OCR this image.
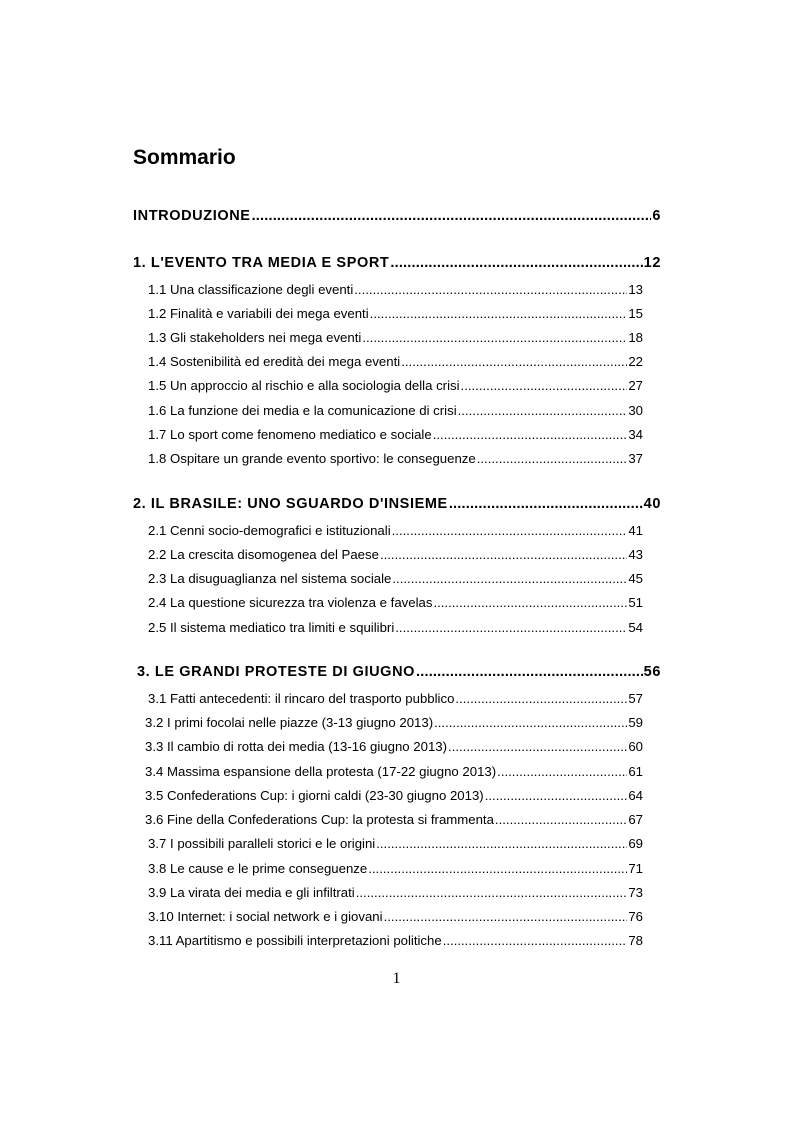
Sommario
INTRODUZIONE .....	6
1. L'EVENTO TRA MEDIA E SPORT .....	12
1.1 Una classificazione degli eventi .....	13
1.2 Finalità e variabili dei mega eventi .....	15
1.3 Gli stakeholders nei mega eventi .....	18
1.4 Sostenibilità ed eredità dei mega eventi .....	22
1.5 Un approccio al rischio e alla sociologia della crisi .....	27
1.6 La funzione dei media e la comunicazione di crisi .....	30
1.7 Lo sport come fenomeno mediatico e sociale .....	34
1.8 Ospitare un grande evento sportivo: le conseguenze .....	37
2. IL BRASILE: UNO SGUARDO D'INSIEME .....	40
2.1 Cenni socio-demografici e istituzionali .....	41
2.2 La crescita disomogenea del Paese .....	43
2.3 La disuguaglianza nel sistema sociale .....	45
2.4 La questione sicurezza tra violenza e favelas .....	51
2.5 Il sistema mediatico tra limiti e squilibri .....	54
3. LE GRANDI PROTESTE DI GIUGNO .....	56
3.1 Fatti antecedenti: il rincaro del trasporto pubblico .....	57
3.2 I primi focolai nelle piazze (3-13 giugno 2013) .....	59
3.3 Il cambio di rotta dei media (13-16 giugno 2013) .....	60
3.4 Massima espansione della protesta (17-22 giugno 2013) .....	61
3.5 Confederations Cup: i giorni caldi (23-30 giugno 2013) .....	64
3.6 Fine della Confederations Cup: la protesta si frammenta .....	67
3.7 I possibili paralleli storici e le origini .....	69
3.8 Le cause e le prime conseguenze .....	71
3.9 La virata dei media e gli infiltrati .....	73
3.10 Internet: i social network e i giovani .....	76
3.11 Apartitismo e possibili interpretazioni politiche .....	78
1
